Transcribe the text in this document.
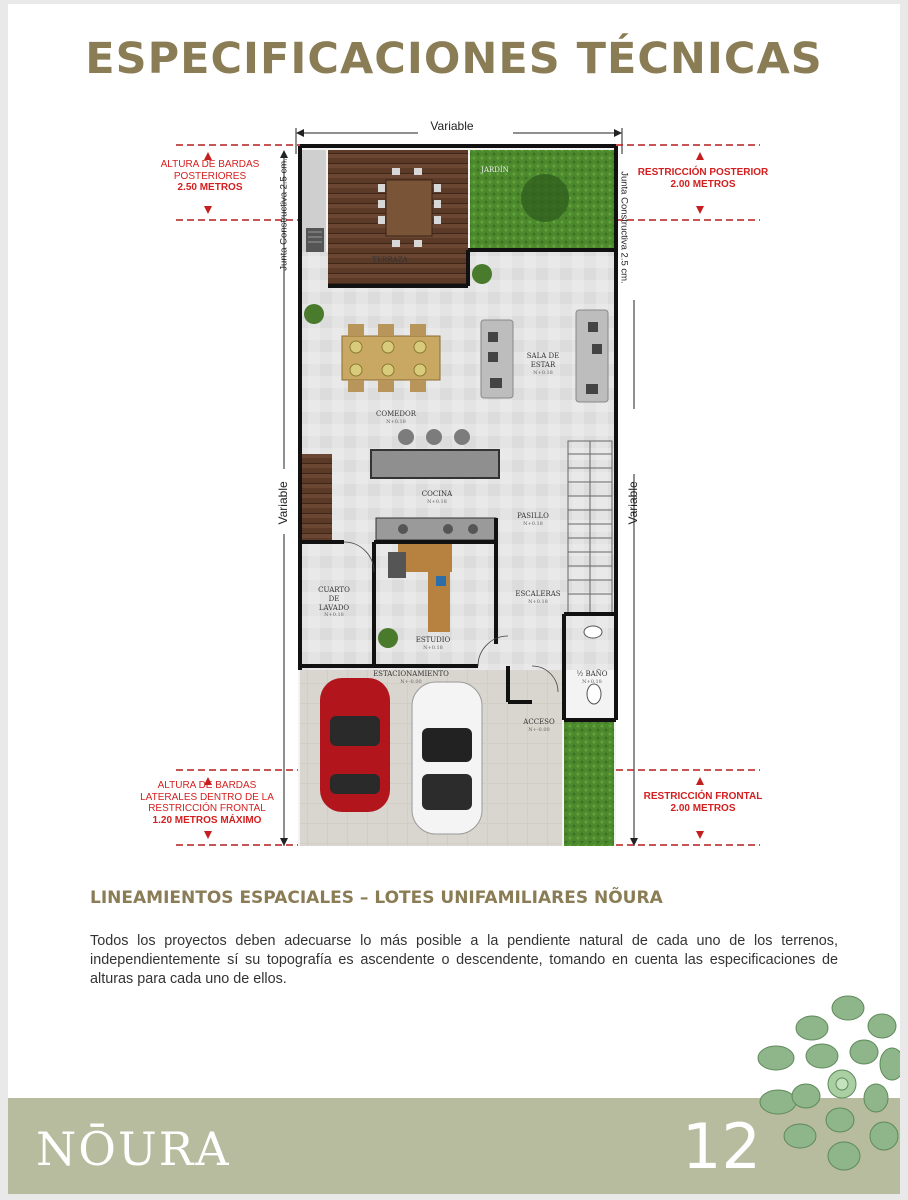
ESPECIFICACIONES TÉCNICAS
Variable
Variable	Variable
Junta Constructiva 2.5 cm.	Junta Constructiva 2.5 cm.
ALTURA DE BARDAS
POSTERIORES
2.50 METROS
RESTRICCIÓN POSTERIOR
2.00 METROS
ALTURA DE BARDAS
LATERALES DENTRO DE LA
RESTRICCIÓN FRONTAL
1.20 METROS MÁXIMO
RESTRICCIÓN FRONTAL
2.00 METROS
TERRAZA
JARDÍN
SALA DE
ESTAR
N+0.18
COMEDOR
N+0.18
COCINA
N+0.18
PASILLO
N+0.18
CUARTO
DE
LAVADO
N+0.18
ESTUDIO
N+0.18
ESCALERAS
N+0.18
½ BAÑO
N+0.18
ESTACIONAMIENTO
N+-0.00
ACCESO
N+-0.00
LINEAMIENTOS ESPACIALES – LOTES UNIFAMILIARES NÕURA
Todos los proyectos deben adecuarse lo más posible a la pendiente natural de cada uno de los terrenos, independientemente sí su topografía es ascendente o descendente, tomando en cuenta las especificaciones de alturas para cada uno de ellos.
NŌURA	12
